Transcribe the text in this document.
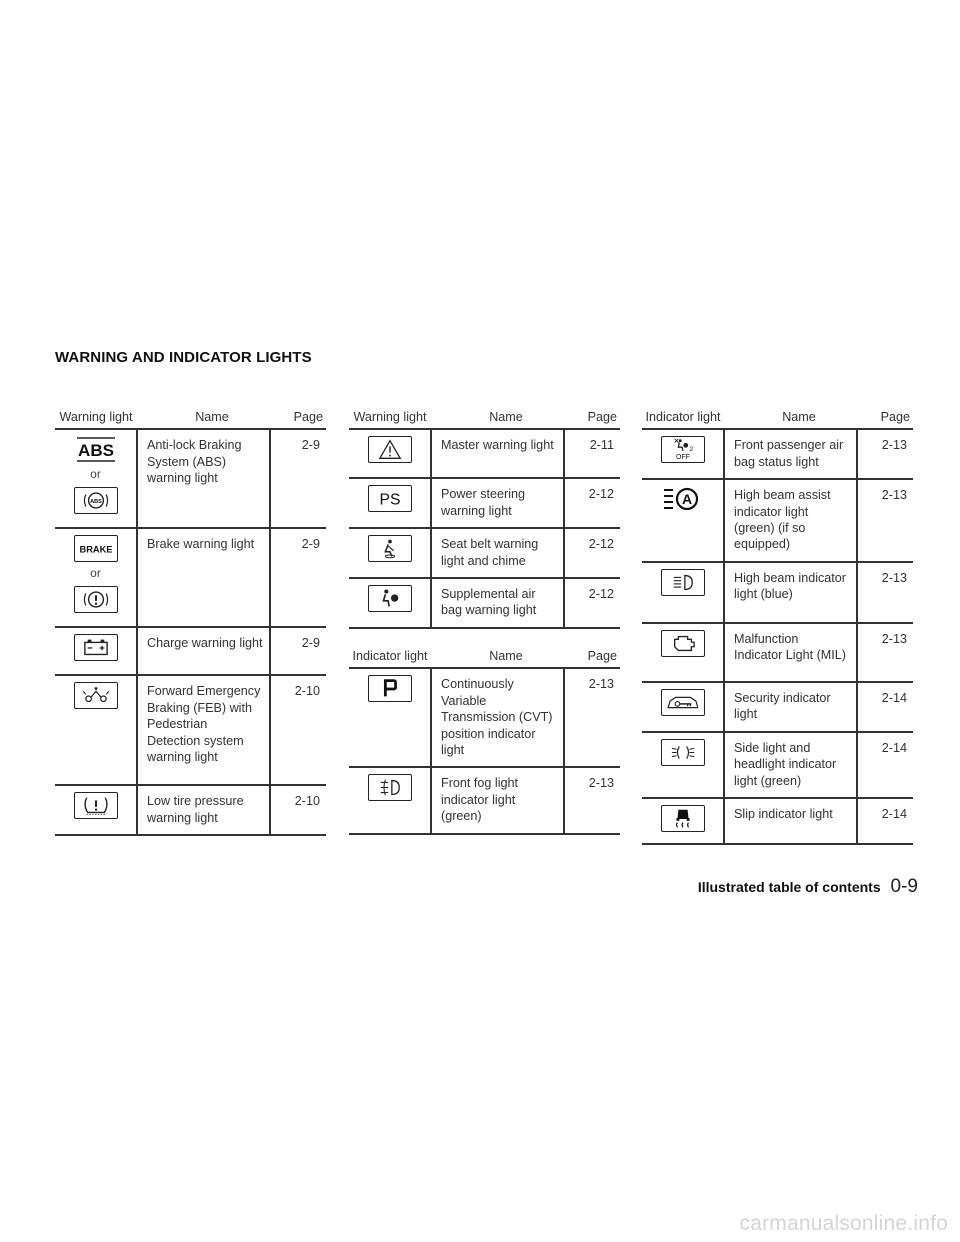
WARNING AND INDICATOR LIGHTS
Warning light	Name	Page

ABS
or
ABS	Anti-lock Braking System (ABS) warning light	2-9

BRAKE
or	Brake warning light	2-9

	Charge warning light	2-9

	Forward Emergency Braking (FEB) with Pedestrian Detection system warning light	2-10

	Low tire pressure warning light	2-10
Warning light	Name	Page

	Master warning light	2-11

PS	Power steering warning light	2-12

	Seat belt warning light and chime	2-12

	Supplemental air bag warning light	2-12
Indicator light	Name	Page

	Continuously Variable Transmission (CVT) position indicator light	2-13

	Front fog light indicator light (green)	2-13
Indicator light	Name	Page

2
OFF	Front passenger air bag status light	2-13

A	High beam assist indicator light (green) (if so equipped)	2-13

	High beam indicator light (blue)	2-13

	Malfunction Indicator Light (MIL)	2-13

	Security indicator light	2-14

	Side light and headlight indicator light (green)	2-14

	Slip indicator light	2-14
Illustrated table of contents 0-9
carmanualsonline.info
